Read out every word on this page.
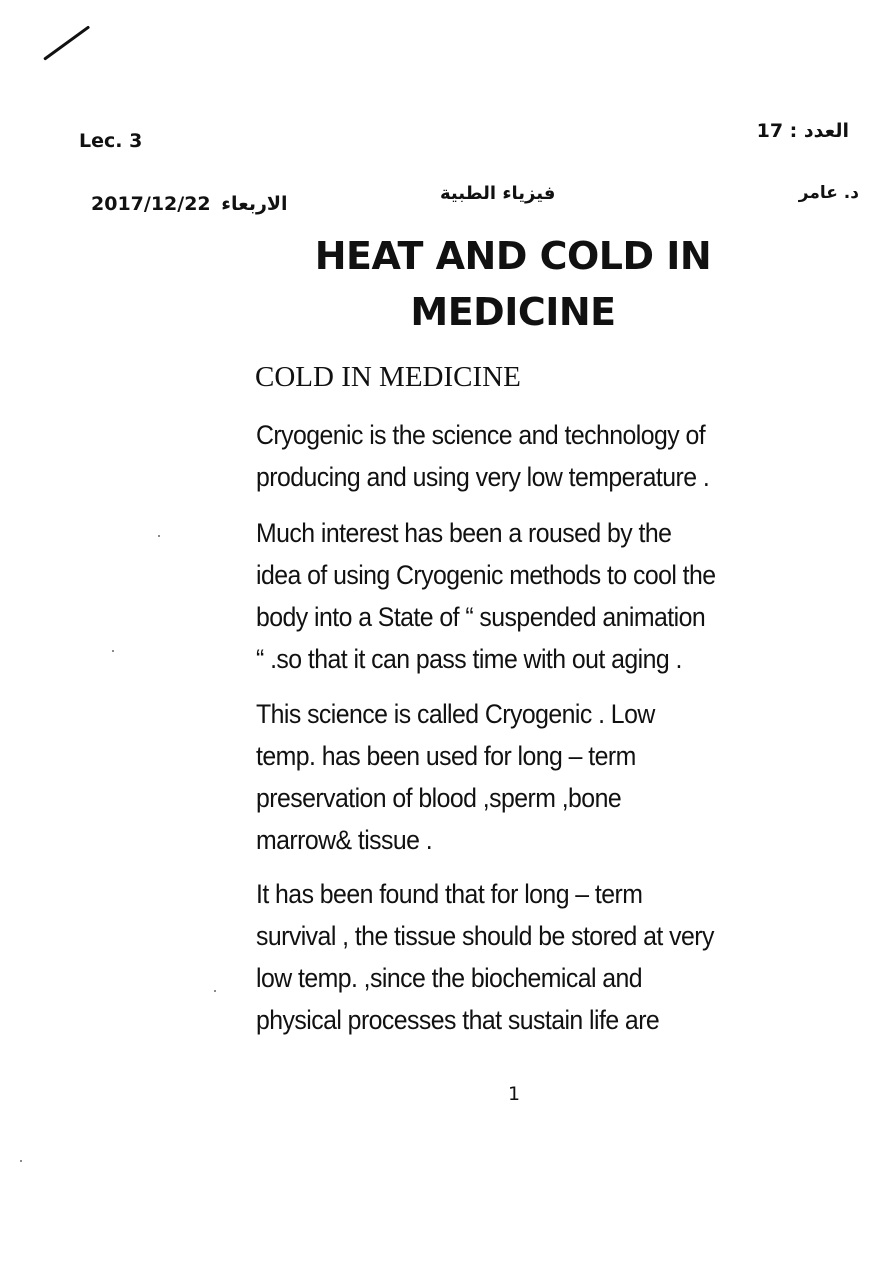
Lec. 3	العدد : 17
2017/12/22 الاربعاء	فيزياء الطبية	د. عامر
HEAT AND COLD IN
MEDICINE
COLD IN MEDICINE
Cryogenic is the science and technology of
producing and using very low temperature .
Much interest has been a roused by the
idea of using Cryogenic methods to cool the
body into a State of “ suspended animation
“ .so that it can pass time with out aging .
This science is called Cryogenic . Low
temp. has been used for long – term
preservation of blood ,sperm ,bone
marrow& tissue .
It has been found that for long – term
survival , the tissue should be stored at very
low temp. ,since the biochemical and
physical processes that sustain life are
1
